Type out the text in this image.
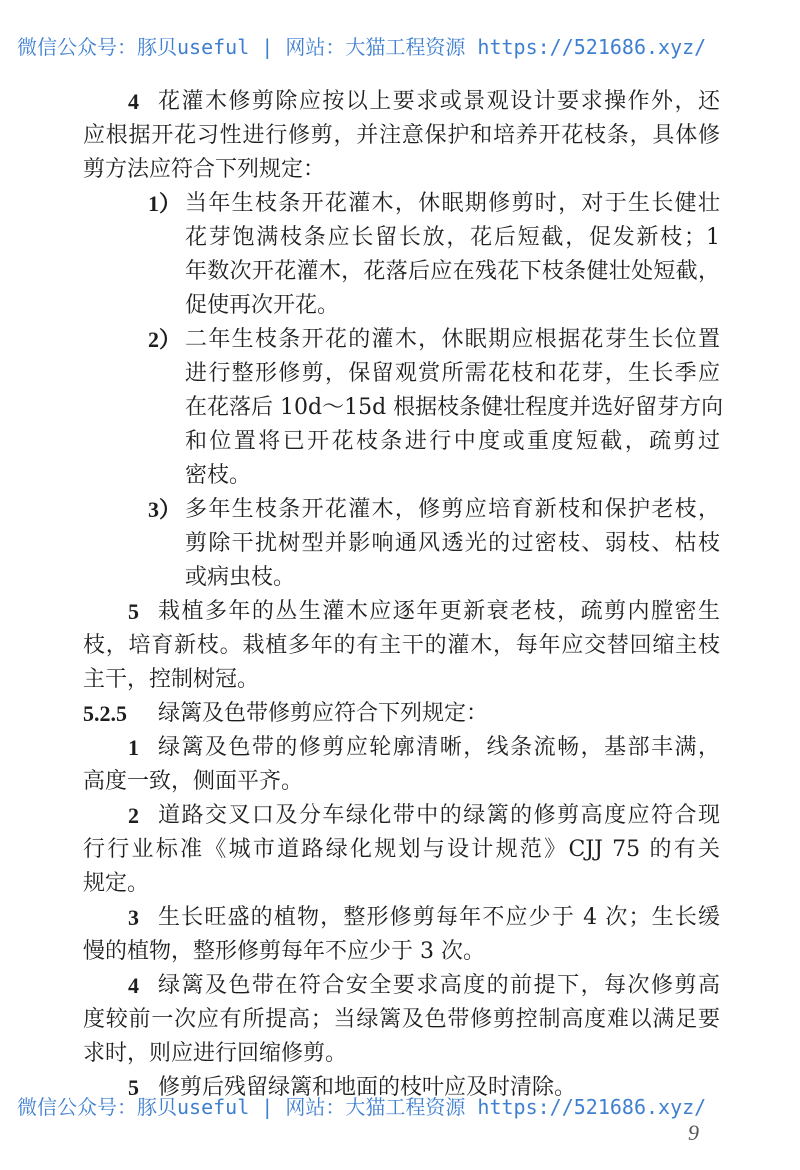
微信公众号：豚贝useful | 网站：大猫工程资源 https://521686.xyz/
4 花灌木修剪除应按以上要求或景观设计要求操作外，还
应根据开花习性进行修剪，并注意保护和培养开花枝条，具体修
剪方法应符合下列规定：
1） 当年生枝条开花灌木，休眠期修剪时，对于生长健壮
花芽饱满枝条应长留长放，花后短截，促发新枝；1
年数次开花灌木，花落后应在残花下枝条健壮处短截，
促使再次开花。
2） 二年生枝条开花的灌木，休眠期应根据花芽生长位置
进行整形修剪，保留观赏所需花枝和花芽，生长季应
在花落后 10d～15d 根据枝条健壮程度并选好留芽方向
和位置将已开花枝条进行中度或重度短截，疏剪过
密枝。
3） 多年生枝条开花灌木，修剪应培育新枝和保护老枝，
剪除干扰树型并影响通风透光的过密枝、弱枝、枯枝
或病虫枝。
5 栽植多年的丛生灌木应逐年更新衰老枝，疏剪内膛密生
枝，培育新枝。栽植多年的有主干的灌木，每年应交替回缩主枝
主干，控制树冠。
5.2.5	绿篱及色带修剪应符合下列规定：
1 绿篱及色带的修剪应轮廓清晰，线条流畅，基部丰满，
高度一致，侧面平齐。
2 道路交叉口及分车绿化带中的绿篱的修剪高度应符合现
行行业标准《城市道路绿化规划与设计规范》CJJ 75 的有关
规定。
3 生长旺盛的植物，整形修剪每年不应少于 4 次；生长缓
慢的植物，整形修剪每年不应少于 3 次。
4 绿篱及色带在符合安全要求高度的前提下，每次修剪高
度较前一次应有所提高；当绿篱及色带修剪控制高度难以满足要
求时，则应进行回缩修剪。
5 修剪后残留绿篱和地面的枝叶应及时清除。
微信公众号：豚贝useful | 网站：大猫工程资源 https://521686.xyz/
9
